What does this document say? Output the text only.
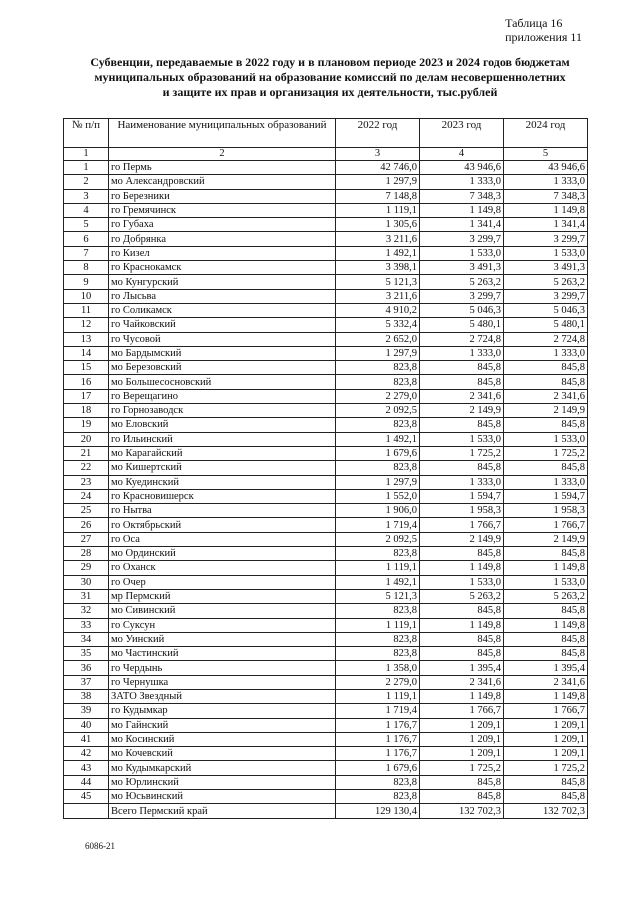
Таблица 16
приложения 11
Субвенции, передаваемые в 2022 году и в плановом периоде 2023 и 2024 годов бюджетам
муниципальных образований на образование комиссий по делам несовершеннолетних
и защите их прав и организация их деятельности, тыс.рублей
№ п/п	Наименование муниципальных образований	2022 год	2023 год	2024 год
1	2	3	4	5
1	го Пермь	42 746,0	43 946,6	43 946,6
2	мо Александровский	1 297,9	1 333,0	1 333,0
3	го Березники	7 148,8	7 348,3	7 348,3
4	го Гремячинск	1 119,1	1 149,8	1 149,8
5	го Губаха	1 305,6	1 341,4	1 341,4
6	го Добрянка	3 211,6	3 299,7	3 299,7
7	го Кизел	1 492,1	1 533,0	1 533,0
8	го Краснокамск	3 398,1	3 491,3	3 491,3
9	мо Кунгурский	5 121,3	5 263,2	5 263,2
10	го Лысьва	3 211,6	3 299,7	3 299,7
11	го Соликамск	4 910,2	5 046,3	5 046,3
12	го Чайковский	5 332,4	5 480,1	5 480,1
13	го Чусовой	2 652,0	2 724,8	2 724,8
14	мо Бардымский	1 297,9	1 333,0	1 333,0
15	мо Березовский	823,8	845,8	845,8
16	мо Большесосновский	823,8	845,8	845,8
17	го Верещагино	2 279,0	2 341,6	2 341,6
18	го Горнозаводск	2 092,5	2 149,9	2 149,9
19	мо Еловский	823,8	845,8	845,8
20	го Ильинский	1 492,1	1 533,0	1 533,0
21	мо Карагайский	1 679,6	1 725,2	1 725,2
22	мо Кишертский	823,8	845,8	845,8
23	мо Куединский	1 297,9	1 333,0	1 333,0
24	го Красновишерск	1 552,0	1 594,7	1 594,7
25	го Нытва	1 906,0	1 958,3	1 958,3
26	го Октябрьский	1 719,4	1 766,7	1 766,7
27	го Оса	2 092,5	2 149,9	2 149,9
28	мо Ординский	823,8	845,8	845,8
29	го Оханск	1 119,1	1 149,8	1 149,8
30	го Очер	1 492,1	1 533,0	1 533,0
31	мр Пермский	5 121,3	5 263,2	5 263,2
32	мо Сивинский	823,8	845,8	845,8
33	го Суксун	1 119,1	1 149,8	1 149,8
34	мо Уинский	823,8	845,8	845,8
35	мо Частинский	823,8	845,8	845,8
36	го Чердынь	1 358,0	1 395,4	1 395,4
37	го Чернушка	2 279,0	2 341,6	2 341,6
38	ЗАТО Звездный	1 119,1	1 149,8	1 149,8
39	го Кудымкар	1 719,4	1 766,7	1 766,7
40	мо Гайнский	1 176,7	1 209,1	1 209,1
41	мо Косинский	1 176,7	1 209,1	1 209,1
42	мо Кочевский	1 176,7	1 209,1	1 209,1
43	мо Кудымкарский	1 679,6	1 725,2	1 725,2
44	мо Юрлинский	823,8	845,8	845,8
45	мо Юсьвинский	823,8	845,8	845,8
	Всего Пермский край	129 130,4	132 702,3	132 702,3
6086-21
